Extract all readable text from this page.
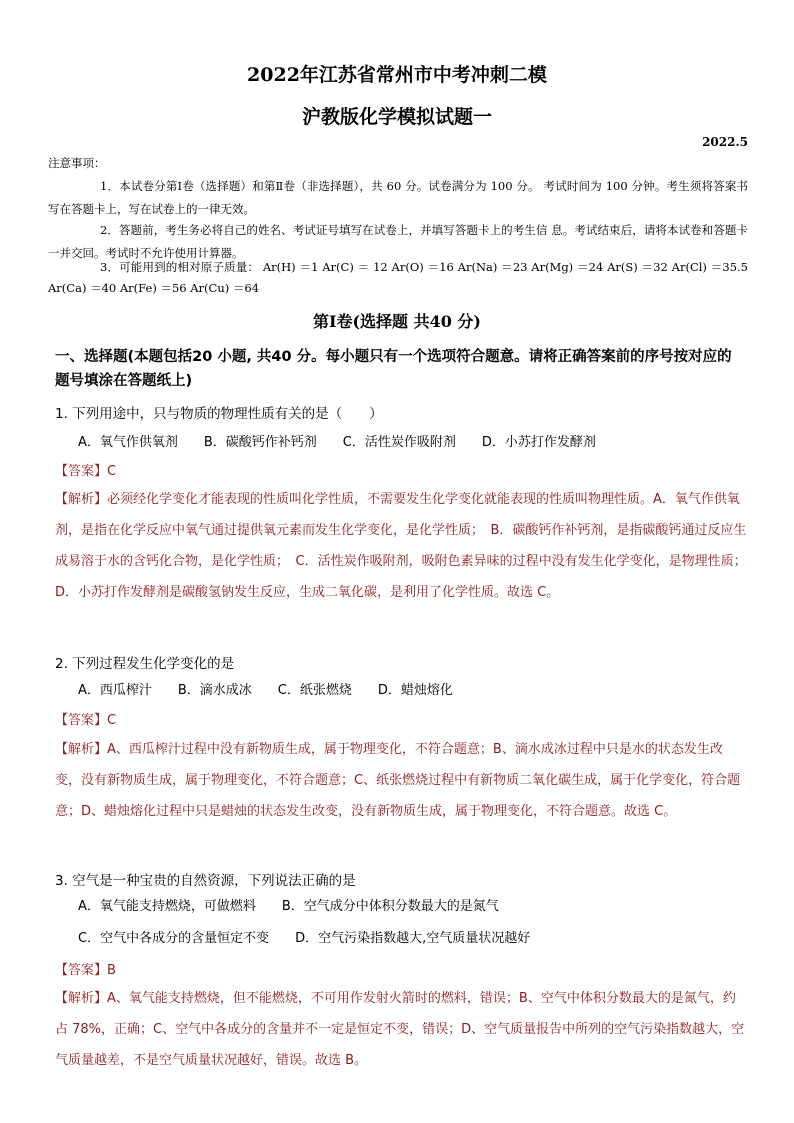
2022年江苏省常州市中考冲刺二模
沪教版化学模拟试题一
2022.5
注意事项：
1．本试卷分第Ⅰ卷（选择题）和第Ⅱ卷（非选择题），共 60 分。试卷满分为 100 分。 考试时间为 100 分钟。考生须将答案书写在答题卡上，写在试卷上的一律无效。
2．答题前，考生务必将自己的姓名、考试证号填写在试卷上，并填写答题卡上的考生信 息。考试结束后，请将本试卷和答题卡一并交回。考试时不允许使用计算器。
3．可能用到的相对原子质量： Ar(H) ＝1 Ar(C) ＝ 12 Ar(O) ＝16 Ar(Na) ＝23 Ar(Mg) ＝24 Ar(S) ＝32 Ar(Cl) ＝35.5 Ar(Ca) ＝40 Ar(Fe) ＝56 Ar(Cu) ＝64
第Ⅰ卷(选择题 共40 分)
一、选择题(本题包括20 小题, 共40 分。每小题只有一个选项符合题意。请将正确答案前的序号按对应的 题号填涂在答题纸上)
1. 下列用途中，只与物质的物理性质有关的是（　　）
A．氧气作供氧剂　　B．碳酸钙作补钙剂　　C．活性炭作吸附剂　　D．小苏打作发酵剂
【答案】C
【解析】必须经化学变化才能表现的性质叫化学性质，不需要发生化学变化就能表现的性质叫物理性质。A．氧气作供氧剂，是指在化学反应中氧气通过提供氧元素而发生化学变化，是化学性质；　B．碳酸钙作补钙剂，是指碳酸钙通过反应生成易溶于水的含钙化合物，是化学性质；　C．活性炭作吸附剂，吸附色素异味的过程中没有发生化学变化，是物理性质；　D．小苏打作发酵剂是碳酸氢钠发生反应，生成二氧化碳，是利用了化学性质。故选 C。
2. 下列过程发生化学变化的是
A．西瓜榨汁　　B．滴水成冰　　C．纸张燃烧　　D．蜡烛熔化
【答案】C
【解析】A、西瓜榨汁过程中没有新物质生成，属于物理变化，不符合题意；B、滴水成冰过程中只是水的状态发生改变，没有新物质生成，属于物理变化，不符合题意；C、纸张燃烧过程中有新物质二氧化碳生成，属于化学变化，符合题意；D、蜡烛熔化过程中只是蜡烛的状态发生改变，没有新物质生成，属于物理变化，不符合题意。故选 C。
3. 空气是一种宝贵的自然资源，下列说法正确的是
A．氧气能支持燃烧，可做燃料　　B．空气成分中体积分数最大的是氮气
C．空气中各成分的含量恒定不变　　D．空气污染指数越大,空气质量状况越好
【答案】B
【解析】A、氧气能支持燃烧，但不能燃烧，不可用作发射火箭时的燃料，错误；B、空气中体积分数最大的是氮气，约占 78%，正确；C、空气中各成分的含量并不一定是恒定不变，错误；D、空气质量报告中所列的空气污染指数越大，空气质量越差，不是空气质量状况越好，错误。故选 B。
